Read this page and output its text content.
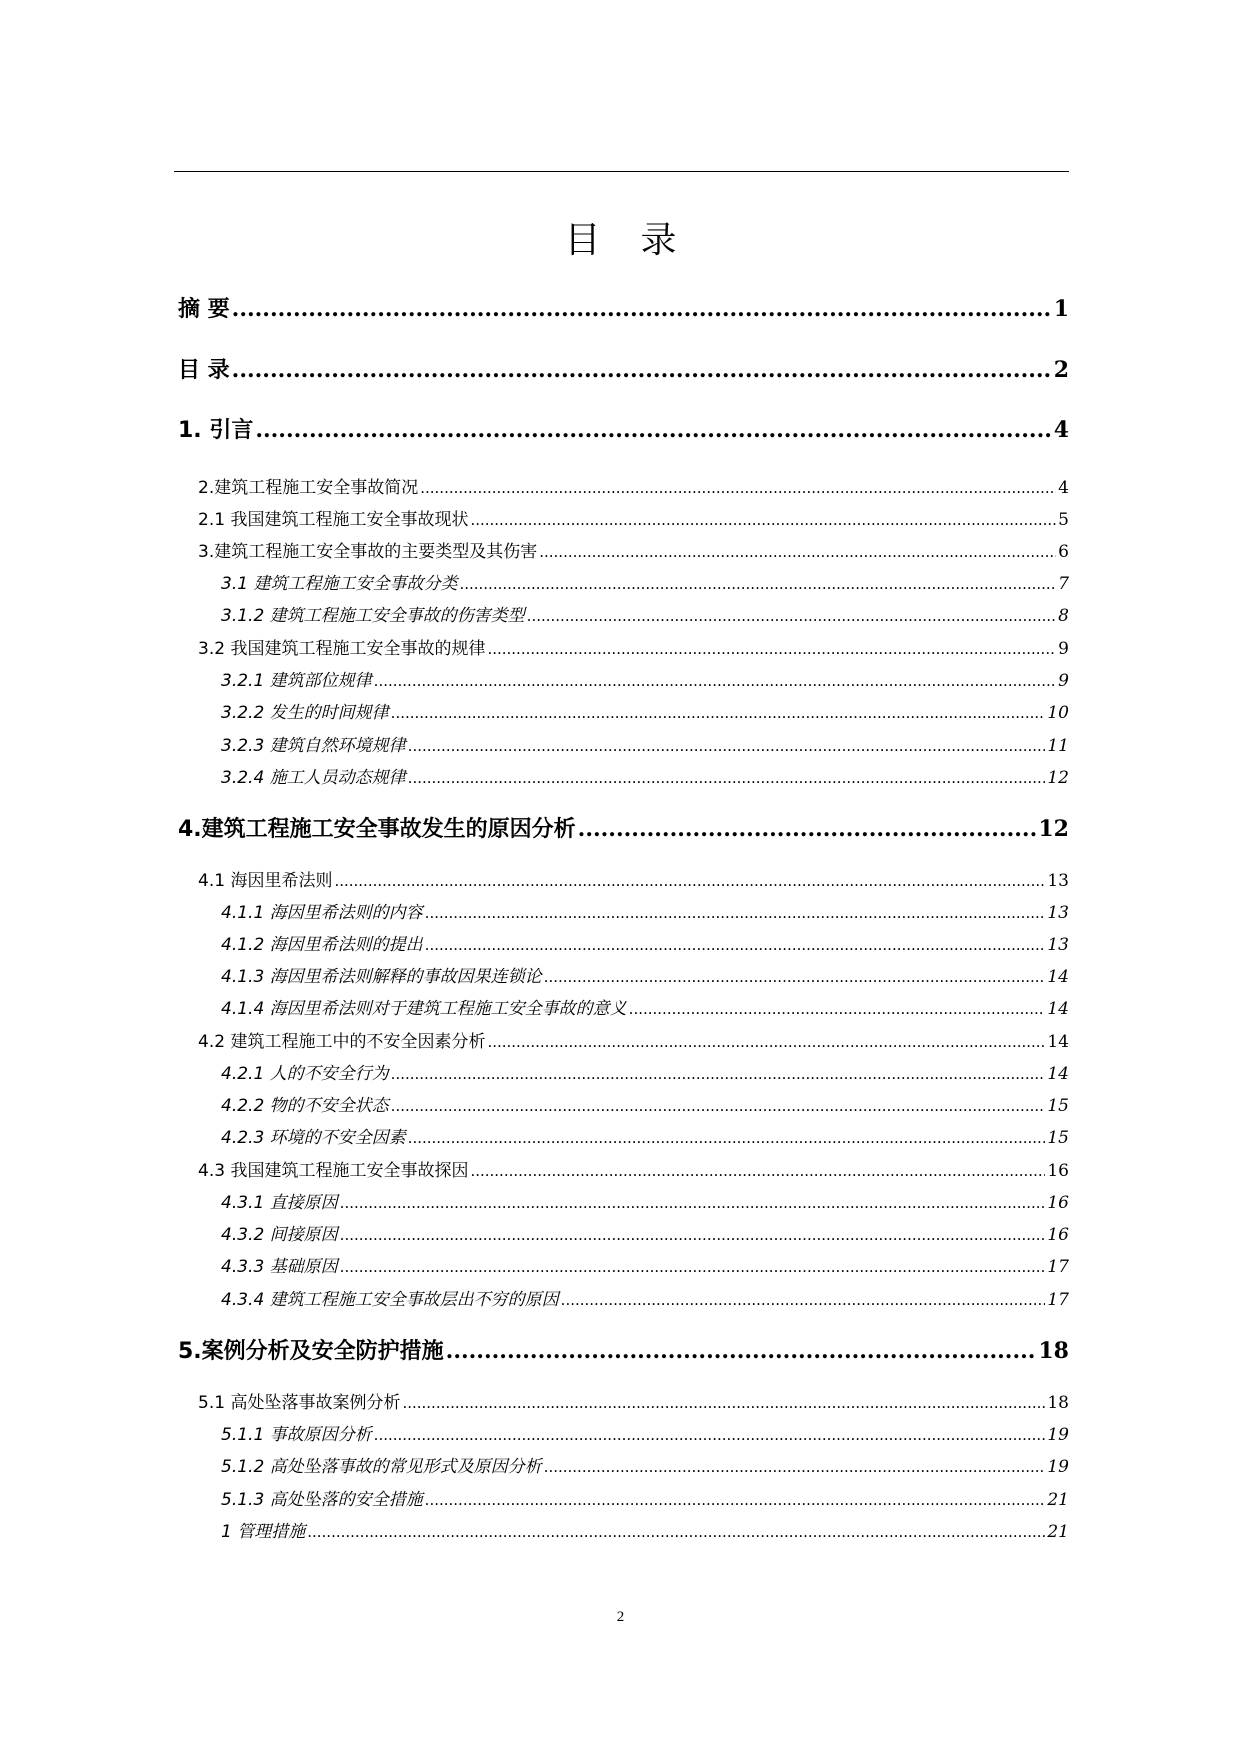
目 录
摘 要 .....	1
目 录 .....	2
1. 引言 .....	4
2.建筑工程施工安全事故简况 .....	4
2.1 我国建筑工程施工安全事故现状 .....	5
3.建筑工程施工安全事故的主要类型及其伤害 .....	6
3.1 建筑工程施工安全事故分类 .....	7
3.1.2 建筑工程施工安全事故的伤害类型 .....	8
3.2 我国建筑工程施工安全事故的规律 .....	9
3.2.1 建筑部位规律 .....	9
3.2.2 发生的时间规律 .....	10
3.2.3 建筑自然环境规律 .....	11
3.2.4 施工人员动态规律 .....	12
4.建筑工程施工安全事故发生的原因分析 .....	12
4.1 海因里希法则 .....	13
4.1.1 海因里希法则的内容 .....	13
4.1.2 海因里希法则的提出 .....	13
4.1.3 海因里希法则解释的事故因果连锁论 .....	14
4.1.4 海因里希法则对于建筑工程施工安全事故的意义 .....	14
4.2 建筑工程施工中的不安全因素分析 .....	14
4.2.1 人的不安全行为 .....	14
4.2.2 物的不安全状态 .....	15
4.2.3 环境的不安全因素 .....	15
4.3 我国建筑工程施工安全事故探因 .....	16
4.3.1 直接原因 .....	16
4.3.2 间接原因 .....	16
4.3.3 基础原因 .....	17
4.3.4 建筑工程施工安全事故层出不穷的原因 .....	17
5.案例分析及安全防护措施 .....	18
5.1 高处坠落事故案例分析 .....	18
5.1.1 事故原因分析 .....	19
5.1.2 高处坠落事故的常见形式及原因分析 .....	19
5.1.3 高处坠落的安全措施 .....	21
1 管理措施 .....	21
2
